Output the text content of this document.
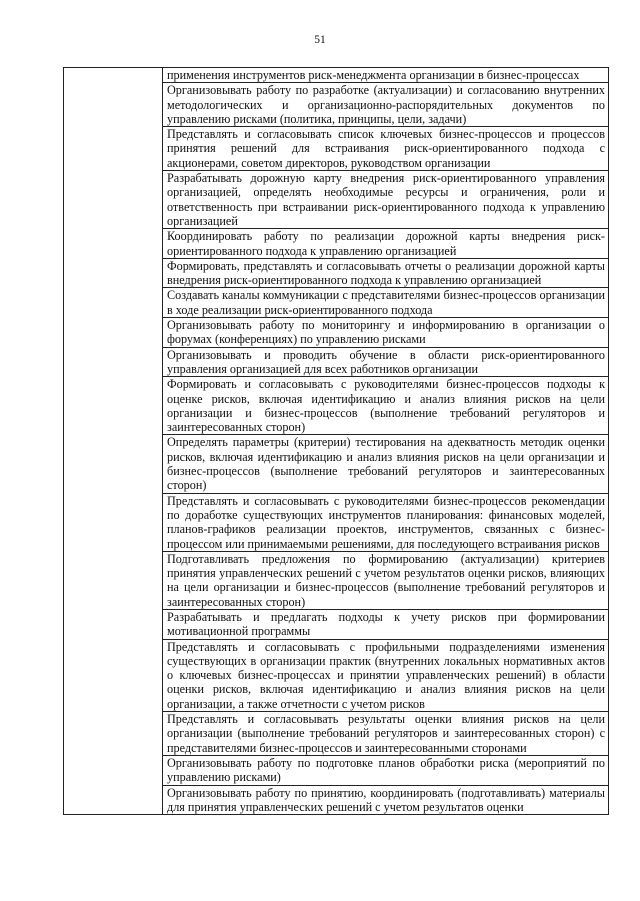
51
	применения инструментов риск-менеджмента организации в бизнес-процессах
Организовывать работу по разработке (актуализации) и согласованию внутренних методологических и организационно-распорядительных документов по управлению рисками (политика, принципы, цели, задачи)
Представлять и согласовывать список ключевых бизнес-процессов и процессов принятия решений для встраивания риск-ориентированного подхода с акционерами, советом директоров, руководством организации
Разрабатывать дорожную карту внедрения риск-ориентированного управления организацией, определять необходимые ресурсы и ограничения, роли и ответственность при встраивании риск-ориентированного подхода к управлению организацией
Координировать работу по реализации дорожной карты внедрения риск-ориентированного подхода к управлению организацией
Формировать, представлять и согласовывать отчеты о реализации дорожной карты внедрения риск-ориентированного подхода к управлению организацией
Создавать каналы коммуникации с представителями бизнес-процессов организации в ходе реализации риск-ориентированного подхода
Организовывать работу по мониторингу и информированию в организации о форумах (конференциях) по управлению рисками
Организовывать и проводить обучение в области риск-ориентированного управления организацией для всех работников организации
Формировать и согласовывать с руководителями бизнес-процессов подходы к оценке рисков, включая идентификацию и анализ влияния рисков на цели организации и бизнес-процессов (выполнение требований регуляторов и заинтересованных сторон)
Определять параметры (критерии) тестирования на адекватность методик оценки рисков, включая идентификацию и анализ влияния рисков на цели организации и бизнес-процессов (выполнение требований регуляторов и заинтересованных сторон)
Представлять и согласовывать с руководителями бизнес-процессов рекомендации по доработке существующих инструментов планирования: финансовых моделей, планов-графиков реализации проектов, инструментов, связанных с бизнес-процессом или принимаемыми решениями, для последующего встраивания рисков
Подготавливать предложения по формированию (актуализации) критериев принятия управленческих решений с учетом результатов оценки рисков, влияющих на цели организации и бизнес-процессов (выполнение требований регуляторов и заинтересованных сторон)
Разрабатывать и предлагать подходы к учету рисков при формировании мотивационной программы
Представлять и согласовывать с профильными подразделениями изменения существующих в организации практик (внутренних локальных нормативных актов о ключевых бизнес-процессах и принятии управленческих решений) в области оценки рисков, включая идентификацию и анализ влияния рисков на цели организации, а также отчетности с учетом рисков
Представлять и согласовывать результаты оценки влияния рисков на цели организации (выполнение требований регуляторов и заинтересованных сторон) с представителями бизнес-процессов и заинтересованными сторонами
Организовывать работу по подготовке планов обработки риска (мероприятий по управлению рисками)
Организовывать работу по принятию, координировать (подготавливать) материалы для принятия управленческих решений с учетом результатов оценки
